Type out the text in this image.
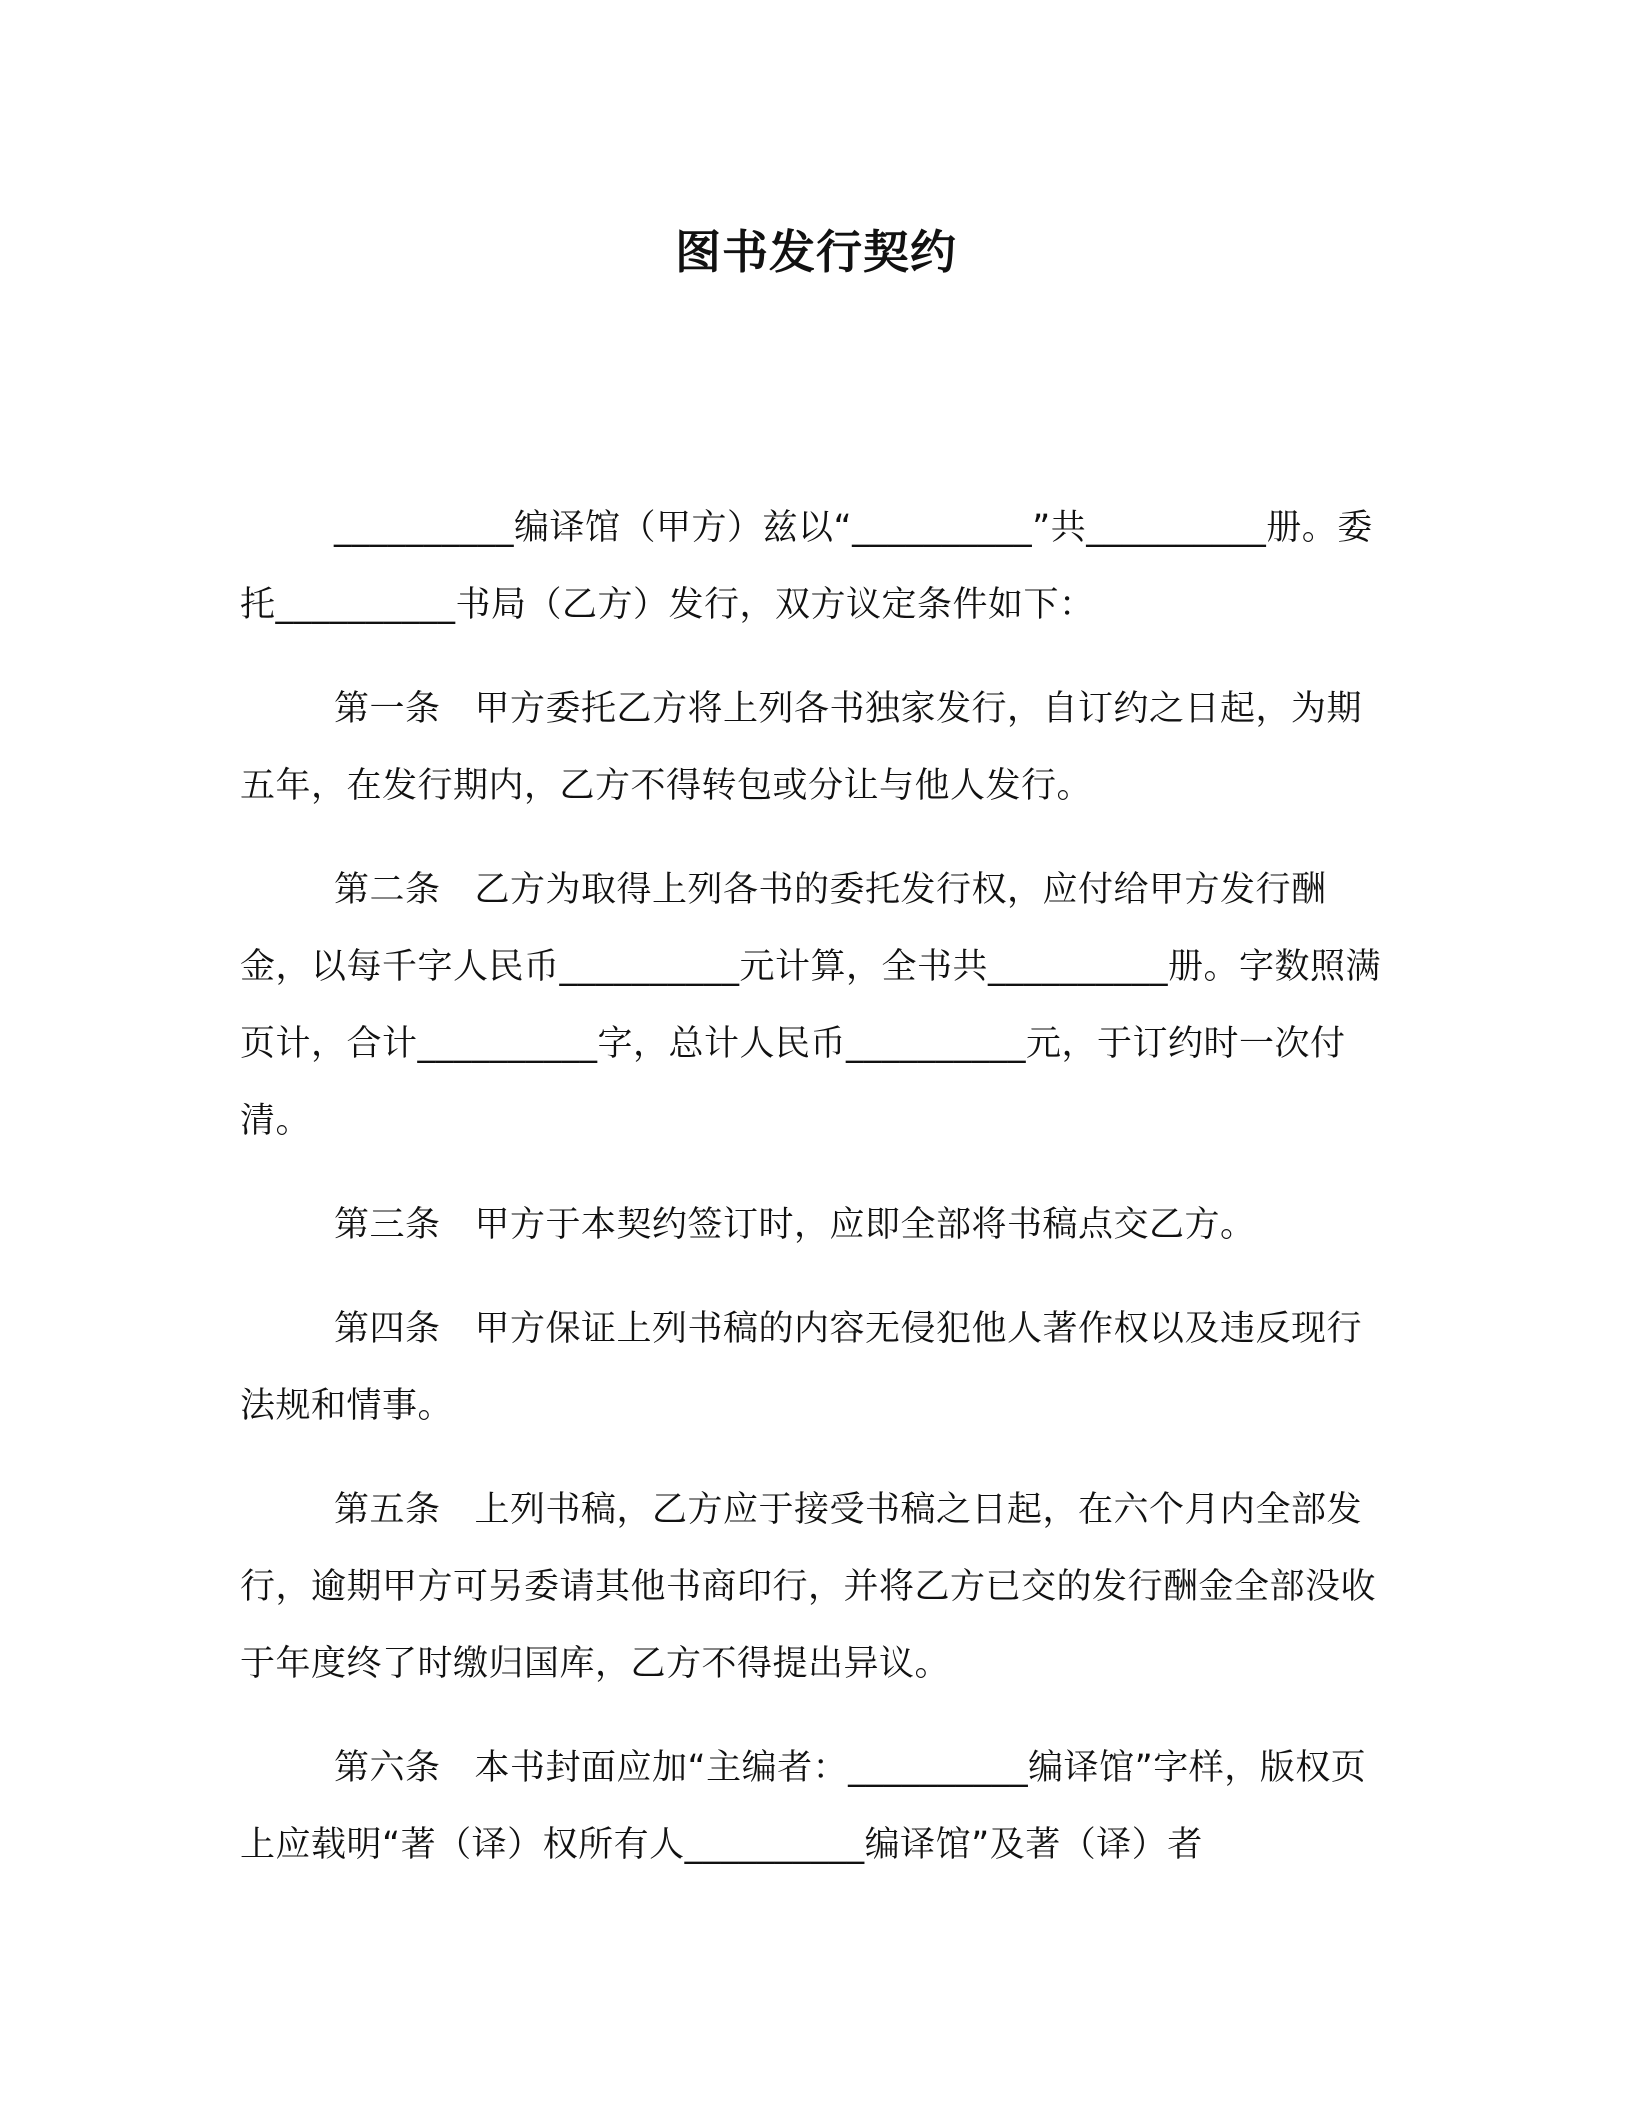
图书发行契约

__________编译馆（甲方）兹以“__________”共__________册。委托__________书局（乙方）发行，双方议定条件如下：

第一条 甲方委托乙方将上列各书独家发行，自订约之日起，为期五年，在发行期内，乙方不得转包或分让与他人发行。

第二条 乙方为取得上列各书的委托发行权，应付给甲方发行酬金，以每千字人民币__________元计算，全书共__________册。字数照满页计，合计__________字，总计人民币__________元，于订约时一次付清。

第三条 甲方于本契约签订时，应即全部将书稿点交乙方。

第四条 甲方保证上列书稿的内容无侵犯他人著作权以及违反现行法规和情事。

第五条 上列书稿，乙方应于接受书稿之日起，在六个月内全部发行，逾期甲方可另委请其他书商印行，并将乙方已交的发行酬金全部没收于年度终了时缴归国库，乙方不得提出异议。

第六条 本书封面应加“主编者：__________编译馆”字样，版权页上应载明“著（译）权所有人__________编译馆”及著（译）者
